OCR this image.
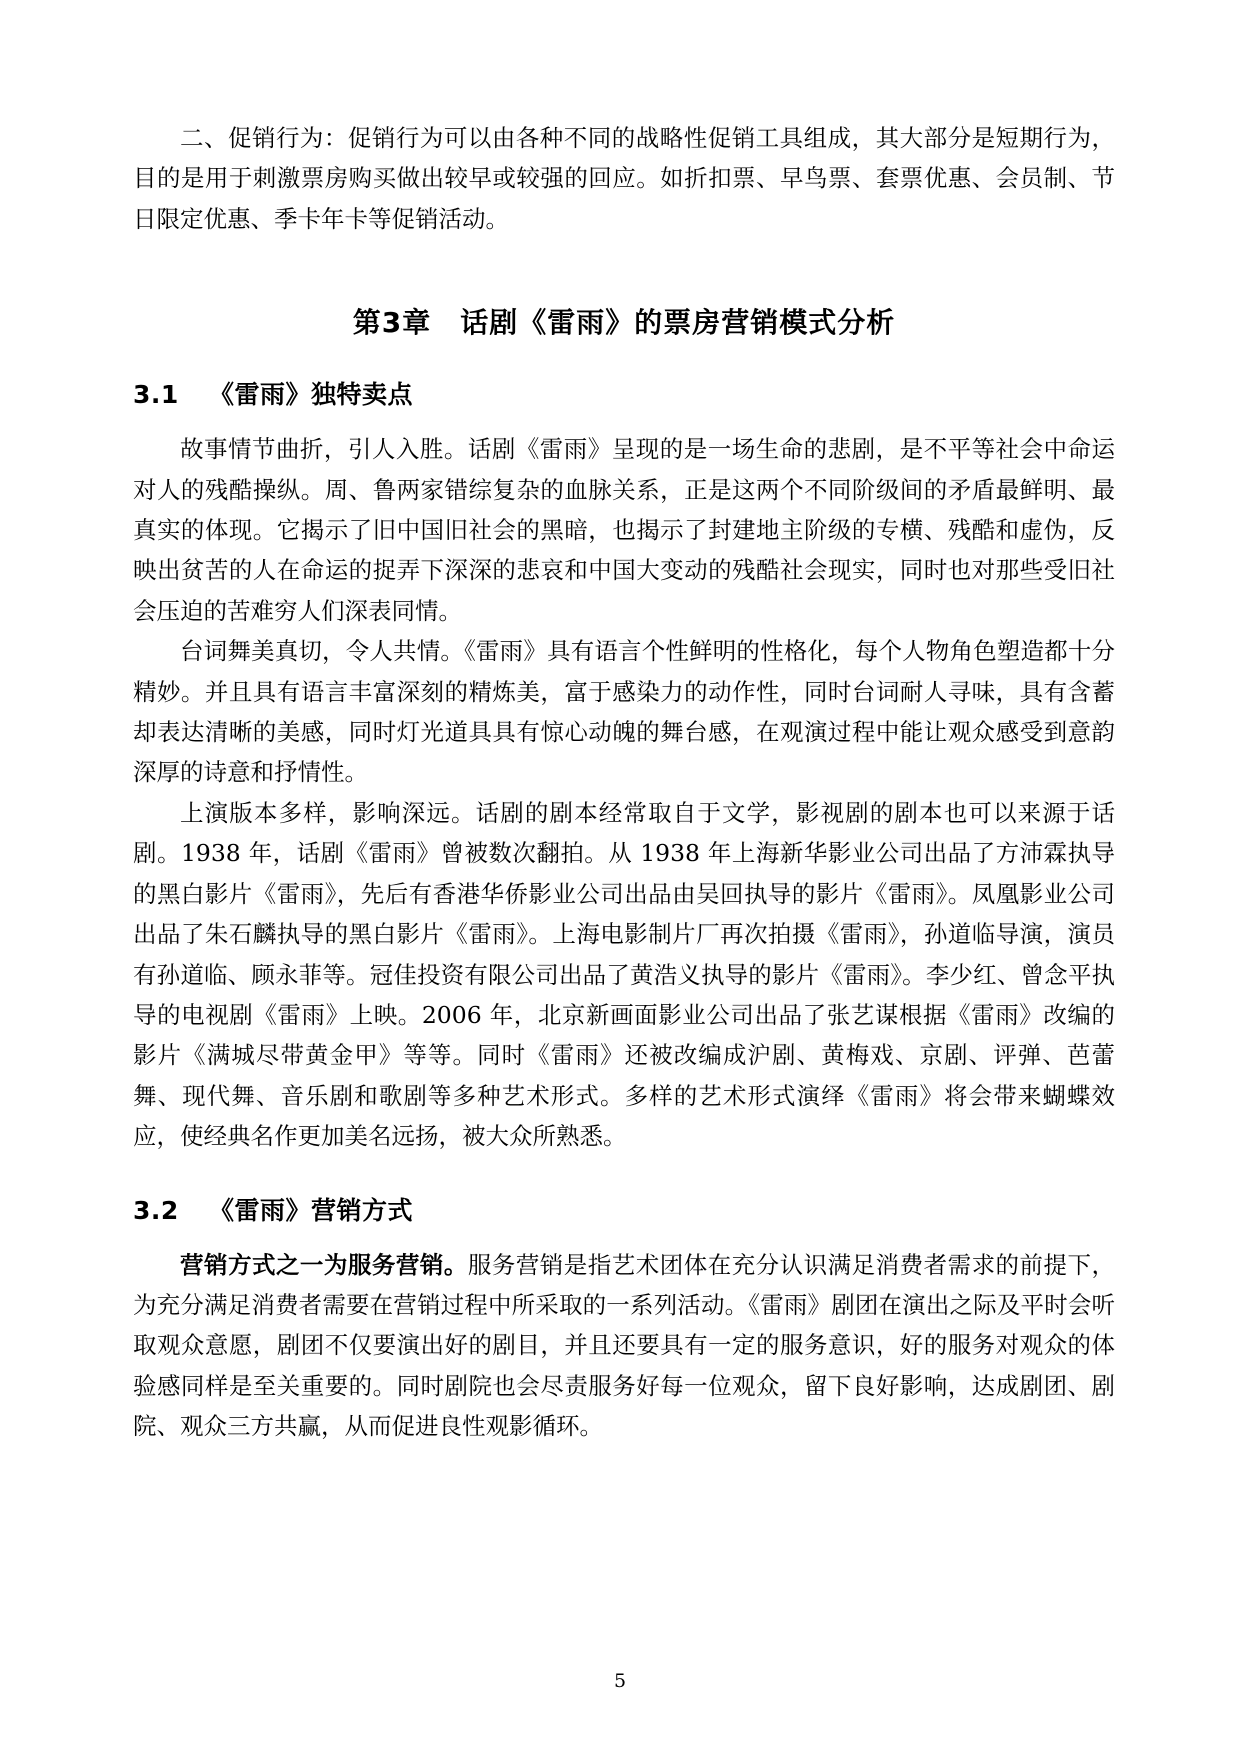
二、促销行为：促销行为可以由各种不同的战略性促销工具组成，其大部分是短期行为，目的是用于刺激票房购买做出较早或较强的回应。如折扣票、早鸟票、套票优惠、会员制、节日限定优惠、季卡年卡等促销活动。

第3章　话剧《雷雨》的票房营销模式分析
3.1 《雷雨》独特卖点

故事情节曲折，引人入胜。话剧《雷雨》呈现的是一场生命的悲剧，是不平等社会中命运对人的残酷操纵。周、鲁两家错综复杂的血脉关系，正是这两个不同阶级间的矛盾最鲜明、最真实的体现。它揭示了旧中国旧社会的黑暗，也揭示了封建地主阶级的专横、残酷和虚伪，反映出贫苦的人在命运的捉弄下深深的悲哀和中国大变动的残酷社会现实，同时也对那些受旧社会压迫的苦难穷人们深表同情。

台词舞美真切，令人共情。《雷雨》具有语言个性鲜明的性格化，每个人物角色塑造都十分精妙。并且具有语言丰富深刻的精炼美，富于感染力的动作性，同时台词耐人寻味，具有含蓄却表达清晰的美感，同时灯光道具具有惊心动魄的舞台感，在观演过程中能让观众感受到意韵深厚的诗意和抒情性。

上演版本多样，影响深远。话剧的剧本经常取自于文学，影视剧的剧本也可以来源于话剧。1938 年，话剧《雷雨》曾被数次翻拍。从 1938 年上海新华影业公司出品了方沛霖执导的黑白影片《雷雨》，先后有香港华侨影业公司出品由吴回执导的影片《雷雨》。凤凰影业公司出品了朱石麟执导的黑白影片《雷雨》。上海电影制片厂再次拍摄《雷雨》，孙道临导演，演员有孙道临、顾永菲等。冠佳投资有限公司出品了黄浩义执导的影片《雷雨》。李少红、曾念平执导的电视剧《雷雨》上映。2006 年，北京新画面影业公司出品了张艺谋根据《雷雨》改编的影片《满城尽带黄金甲》等等。同时《雷雨》还被改编成沪剧、黄梅戏、京剧、评弹、芭蕾舞、现代舞、音乐剧和歌剧等多种艺术形式。多样的艺术形式演绎《雷雨》将会带来蝴蝶效应，使经典名作更加美名远扬，被大众所熟悉。

3.2 《雷雨》营销方式

营销方式之一为服务营销。服务营销是指艺术团体在充分认识满足消费者需求的前提下，为充分满足消费者需要在营销过程中所采取的一系列活动。《雷雨》剧团在演出之际及平时会听取观众意愿，剧团不仅要演出好的剧目，并且还要具有一定的服务意识，好的服务对观众的体验感同样是至关重要的。同时剧院也会尽责服务好每一位观众，留下良好影响，达成剧团、剧院、观众三方共赢，从而促进良性观影循环。

5
